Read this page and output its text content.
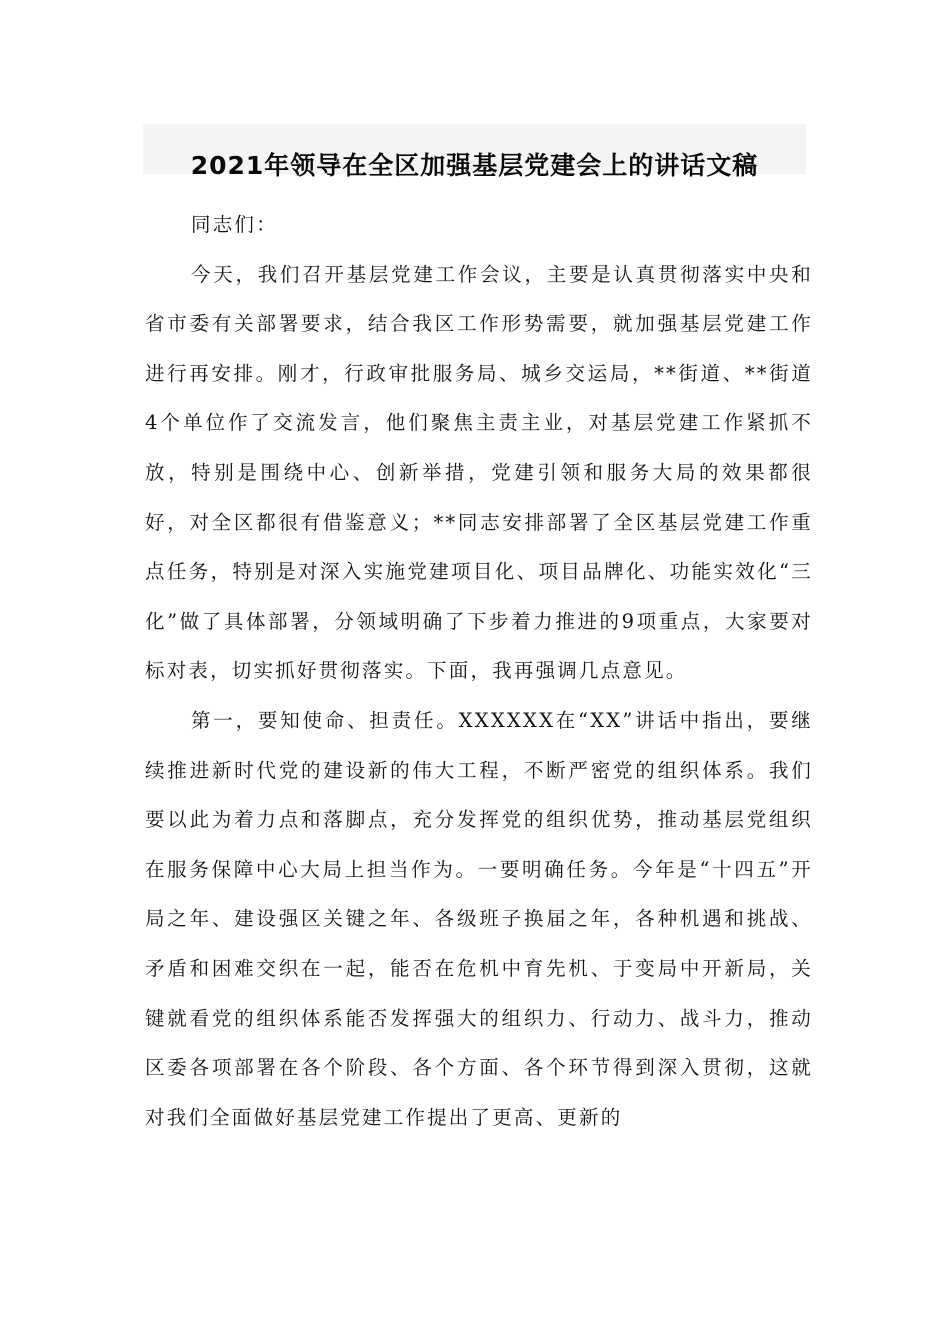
2021年领导在全区加强基层党建会上的讲话文稿

同志们：

今天，我们召开基层党建工作会议，主要是认真贯彻落实中央和省市委有关部署要求，结合我区工作形势需要，就加强基层党建工作进行再安排。刚才，行政审批服务局、城乡交运局，**街道、**街道4个单位作了交流发言，他们聚焦主责主业，对基层党建工作紧抓不放，特别是围绕中心、创新举措，党建引领和服务大局的效果都很好，对全区都很有借鉴意义；**同志安排部署了全区基层党建工作重点任务，特别是对深入实施党建项目化、项目品牌化、功能实效化“三化”做了具体部署，分领域明确了下步着力推进的9项重点，大家要对标对表，切实抓好贯彻落实。下面，我再强调几点意见。

第一，要知使命、担责任。XXXXXX在“XX”讲话中指出，要继续推进新时代党的建设新的伟大工程，不断严密党的组织体系。我们要以此为着力点和落脚点，充分发挥党的组织优势，推动基层党组织在服务保障中心大局上担当作为。一要明确任务。今年是“十四五”开局之年、建设强区关键之年、各级班子换届之年，各种机遇和挑战、矛盾和困难交织在一起，能否在危机中育先机、于变局中开新局，关键就看党的组织体系能否发挥强大的组织力、行动力、战斗力，推动区委各项部署在各个阶段、各个方面、各个环节得到深入贯彻，这就对我们全面做好基层党建工作提出了更高、更新的
